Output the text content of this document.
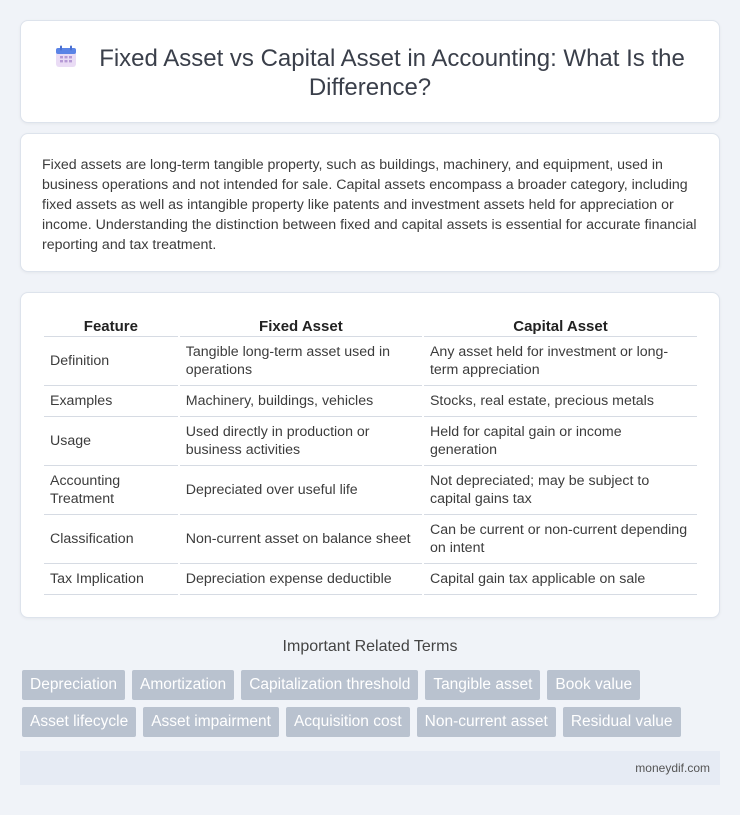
Fixed Asset vs Capital Asset in Accounting: What Is the Difference?

Fixed assets are long-term tangible property, such as buildings, machinery, and equipment, used in business operations and not intended for sale. Capital assets encompass a broader category, including fixed assets as well as intangible property like patents and investment assets held for appreciation or income. Understanding the distinction between fixed and capital assets is essential for accurate financial reporting and tax treatment.

Feature	Fixed Asset	Capital Asset
Definition	Tangible long-term asset used in operations	Any asset held for investment or long-term appreciation
Examples	Machinery, buildings, vehicles	Stocks, real estate, precious metals
Usage	Used directly in production or business activities	Held for capital gain or income generation
Accounting Treatment	Depreciated over useful life	Not depreciated; may be subject to capital gains tax
Classification	Non-current asset on balance sheet	Can be current or non-current depending on intent
Tax Implication	Depreciation expense deductible	Capital gain tax applicable on sale
Important Related Terms
Depreciation	Amortization	Capitalization threshold	Tangible asset	Book value
Asset lifecycle	Asset impairment	Acquisition cost	Non-current asset	Residual value
moneydif.com
